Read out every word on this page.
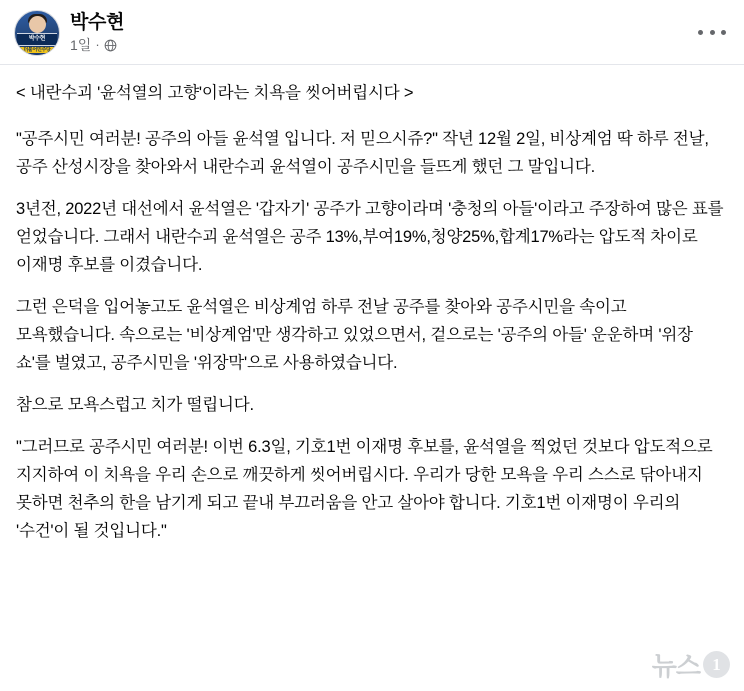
박수현
더불어민주당
박수현
1일 ·

< 내란수괴 '윤석열의 고향'이라는 치욕을 씻어버립시다 >

"공주시민 여러분! 공주의 아들 윤석열 입니다. 저 믿으시쥬?" 작년 12월 2일, 비상계엄 딱 하루 전날, 공주 산성시장을 찾아와서 내란수괴 윤석열이 공주시민을 들뜨게 했던 그 말입니다.

3년전, 2022년 대선에서 윤석열은 '갑자기' 공주가 고향이라며 '충청의 아들'이라고 주장하여 많은 표를 얻었습니다. 그래서 내란수괴 윤석열은 공주 13%,부여19%,청양25%,합계17%라는 압도적 차이로 이재명 후보를 이겼습니다.

그런 은덕을 입어놓고도 윤석열은 비상계엄 하루 전날 공주를 찾아와 공주시민을 속이고 모욕했습니다. 속으로는 '비상계엄'만 생각하고 있었으면서, 겉으로는 '공주의 아들' 운운하며 '위장 쇼'를 벌였고, 공주시민을 '위장막'으로 사용하였습니다.

참으로 모욕스럽고 치가 떨립니다.

"그러므로 공주시민 여러분! 이번 6.3일, 기호1번 이재명 후보를, 윤석열을 찍었던 것보다 압도적으로 지지하여 이 치욕을 우리 손으로 깨끗하게 씻어버립시다. 우리가 당한 모욕을 우리 스스로 닦아내지 못하면 천추의 한을 남기게 되고 끝내 부끄러움을 안고 살아야 합니다. 기호1번 이재명이 우리의 '수건'이 될 것입니다."

뉴스 1
